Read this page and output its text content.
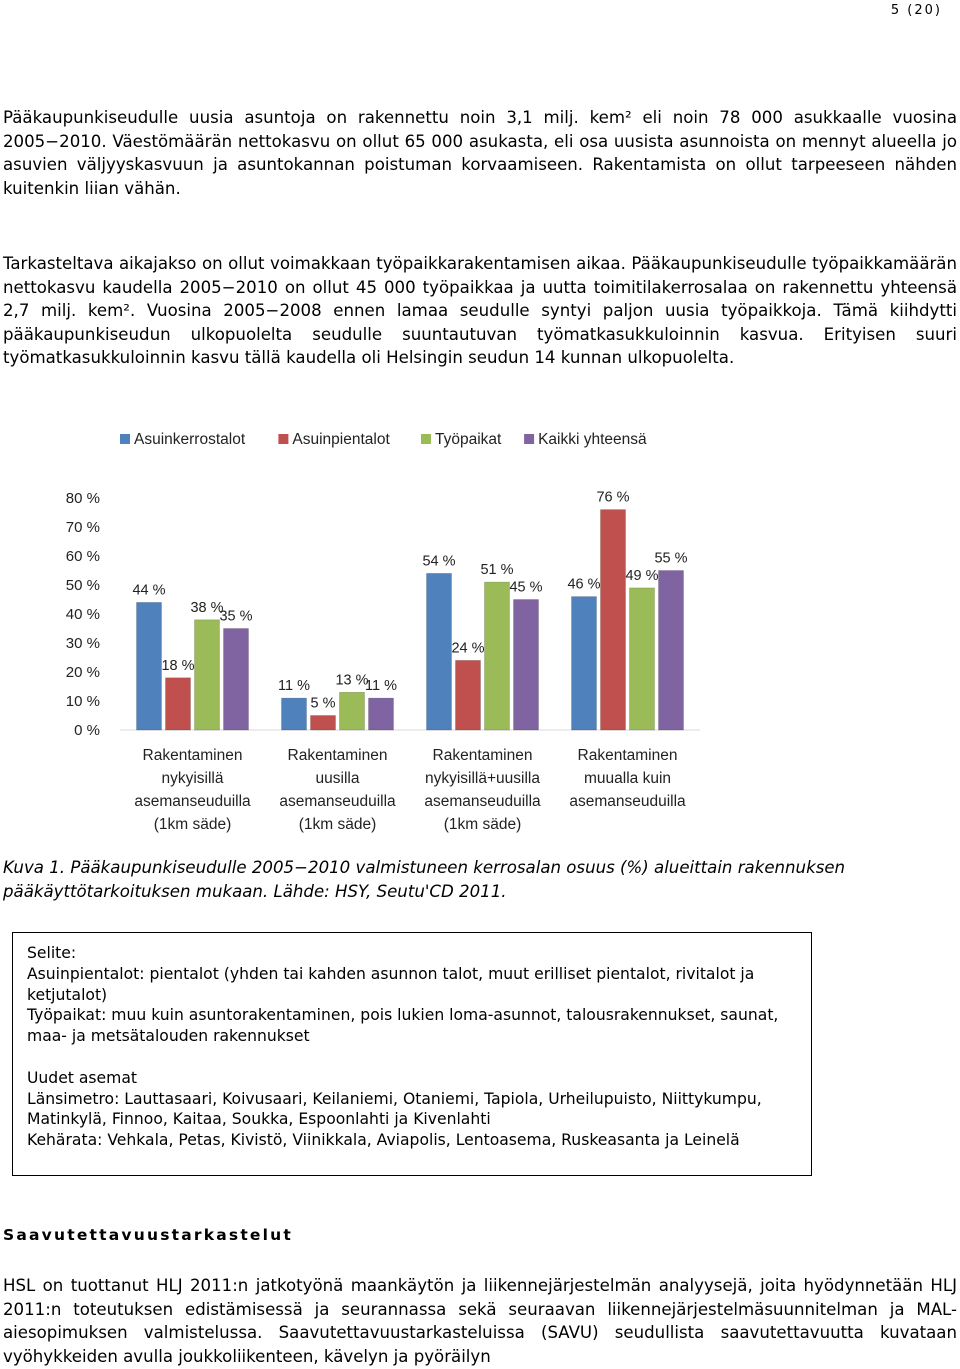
5 (20)

Pääkaupunkiseudulle uusia asuntoja on rakennettu noin 3,1 milj. kem² eli noin 78 000 asukkaalle vuosina 2005−2010. Väestömäärän nettokasvu on ollut 65 000 asukasta, eli osa uusista asunnoista on mennyt alueella jo asuvien väljyyskasvuun ja asuntokannan poistuman korvaamiseen. Rakentamista on ollut tarpeeseen nähden kuitenkin liian vähän.

Tarkasteltava aikajakso on ollut voimakkaan työpaikkarakentamisen aikaa. Pääkaupunkiseudulle työpaikkamäärän nettokasvu kaudella 2005−2010 on ollut 45 000 työpaikkaa ja uutta toimitilakerrosalaa on rakennettu yhteensä 2,7 milj. kem². Vuosina 2005−2008 ennen lamaa seudulle syntyi paljon uusia työpaikkoja. Tämä kiihdytti pääkaupunkiseudun ulkopuolelta seudulle suuntautuvan työmatkasukkuloinnin kasvua. Erityisen suuri työmatkasukkuloinnin kasvu tällä kaudella oli Helsingin seudun 14 kunnan ulkopuolelta.

Asuinkerrostalot	Asuinpientalot	Työpaikat Kaikki yhteensä
0 %
10 %
20 %
30 %
40 %
50 %
60 %
70 %
80 %
44 %
18 %
38 %
35 %
Rakentaminen
nykyisillä
asemanseuduilla
(1km säde)
11 %
5 %
13 %
11 %
Rakentaminen
uusilla
asemanseuduilla
(1km säde)
54 %
24 %
51 %
45 %
Rakentaminen
nykyisillä+uusilla
asemanseuduilla
(1km säde)
46 %
76 %
49 %
55 %
Rakentaminen
muualla kuin
asemanseuduilla

Kuva 1. Pääkaupunkiseudulle 2005−2010 valmistuneen kerrosalan osuus (%) alueittain rakennuksen pääkäyttötarkoituksen mukaan. Lähde: HSY, Seutu'CD 2011.

Selite:
Asuinpientalot: pientalot (yhden tai kahden asunnon talot, muut erilliset pientalot, rivitalot ja ketjutalot)
Työpaikat: muu kuin asuntorakentaminen, pois lukien loma-asunnot, talousrakennukset, saunat, maa- ja metsätalouden rakennukset
Uudet asemat
Länsimetro: Lauttasaari, Koivusaari, Keilaniemi, Otaniemi, Tapiola, Urheilupuisto, Niittykumpu, Matinkylä, Finnoo, Kaitaa, Soukka, Espoonlahti ja Kivenlahti
Kehärata: Vehkala, Petas, Kivistö, Viinikkala, Aviapolis, Lentoasema, Ruskeasanta ja Leinelä

Saavutettavuustarkastelut

HSL on tuottanut HLJ 2011:n jatkotyönä maankäytön ja liikennejärjestelmän analyysejä, joita hyödynnetään HLJ 2011:n toteutuksen edistämisessä ja seurannassa sekä seuraavan liikennejärjestelmäsuunnitelman ja MAL-aiesopimuksen valmistelussa. Saavutettavuustarkasteluissa (SAVU) seudullista saavutettavuutta kuvataan vyöhykkeiden avulla joukkoliikenteen, kävelyn ja pyöräilyn
